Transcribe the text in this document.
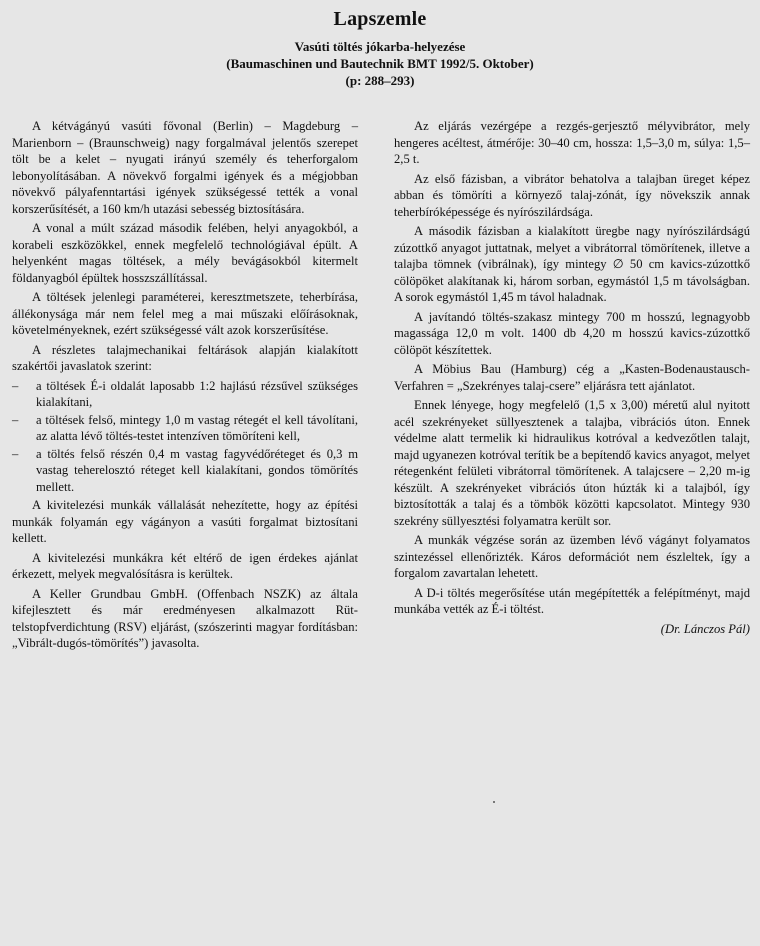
Lapszemle
Vasúti töltés jókarba-helyezése
(Baumaschinen und Bautechnik BMT 1992/5. Oktober)
(p: 288–293)

A kétvágányú vasúti fővonal (Berlin) – Magdeburg – Marienborn – (Braunschweig) nagy forgalmával jelentős szerepet tölt be a kelet – nyugati irányú személy és teherforgalom lebonyolításában. A növekvő forgalmi igények és a mégjobban növekvő pályafenntartási igények szükségessé tették a vonal korszerűsítését, a 160 km/h utazási sebesség biztosítására.

A vonal a múlt század második felében, helyi anyagokból, a korabeli eszközökkel, ennek megfelelő technológiával épült. A helyenként magas töltések, a mély bevágásokból kitermelt földanyagból épültek hosszszállítással.

A töltések jelenlegi paraméterei, keresztmetszete, teherbírása, állékonysága már nem felel meg a mai műszaki előírásoknak, követelményeknek, ezért szükségessé vált azok korszerűsítése.

A részletes talajmechanikai feltárások alapján kialakított szakértői javaslatok szerint:

– a töltések É-i oldalát laposabb 1:2 hajlású rézsűvel szükséges kialakítani,
– a töltések felső, mintegy 1,0 m vastag rétegét el kell távolítani, az alatta lévő töltés-testet intenzíven tömöríteni kell,
– a töltés felső részén 0,4 m vastag fagyvédőréteget és 0,3 m vastag teherelosztó réteget kell kialakítani, gondos tömörítés mellett.

A kivitelezési munkák vállalását nehezítette, hogy az építési munkák folyamán egy vágányon a vasúti forgalmat biztosítani kellett.

A kivitelezési munkákra két eltérő de igen érdekes ajánlat érkezett, melyek megvalósításra is kerültek.

A Keller Grundbau GmbH. (Offenbach NSZK) az általa kifejlesztett és már eredményesen alkalmazott Rüttelstopfverdichtung (RSV) eljárást, (szószerinti magyar fordításban: „Vibrált-dugós-tömörítés”) javasolta.

Az eljárás vezérgépe a rezgés-gerjesztő mélyvibrátor, mely hengeres acéltest, átmérője: 30–40 cm, hossza: 1,5–3,0 m, súlya: 1,5–2,5 t.

Az első fázisban, a vibrátor behatolva a talajban üreget képez abban és tömöríti a környező talaj-zónát, így növekszik annak teherbíróképessége és nyírószilárdsága.

A második fázisban a kialakított üregbe nagy nyírószilárdságú zúzottkő anyagot juttatnak, melyet a vibrátorral tömörítenek, illetve a talajba tömnek (vibrálnak), így mintegy ∅ 50 cm kavics-zúzottkő cölöpöket alakítanak ki, három sorban, egymástól 1,5 m távolságban. A sorok egymástól 1,45 m távol haladnak.

A javítandó töltés-szakasz mintegy 700 m hosszú, legnagyobb magassága 12,0 m volt. 1400 db 4,20 m hosszú kavics-zúzottkő cölöpöt készítettek.

A Möbius Bau (Hamburg) cég a „Kasten-Bodenaustausch-Verfahren = „Szekrényes talaj-csere” eljárásra tett ajánlatot.

Ennek lényege, hogy megfelelő (1,5 x 3,00) méretű alul nyitott acél szekrényeket süllyesztenek a talajba, vibrációs úton. Ennek védelme alatt termelik ki hidraulikus kotróval a kedvezőtlen talajt, majd ugyanezen kotróval terítik be a bepítendő kavics anyagot, melyet rétegenként felületi vibrátorral tömörítenek. A talajcsere – 2,20 m-ig készült. A szekrényeket vibrációs úton húzták ki a talajból, így biztosították a talaj és a tömbök közötti kapcsolatot. Mintegy 930 szekrény süllyesztési folyamatra került sor.

A munkák végzése során az üzemben lévő vágányt folyamatos szintezéssel ellenőrizték. Káros deformációt nem észleltek, így a forgalom zavartalan lehetett.

A D-i töltés megerősítése után megépítették a felépítményt, majd munkába vették az É-i töltést.

(Dr. Lánczos Pál)
